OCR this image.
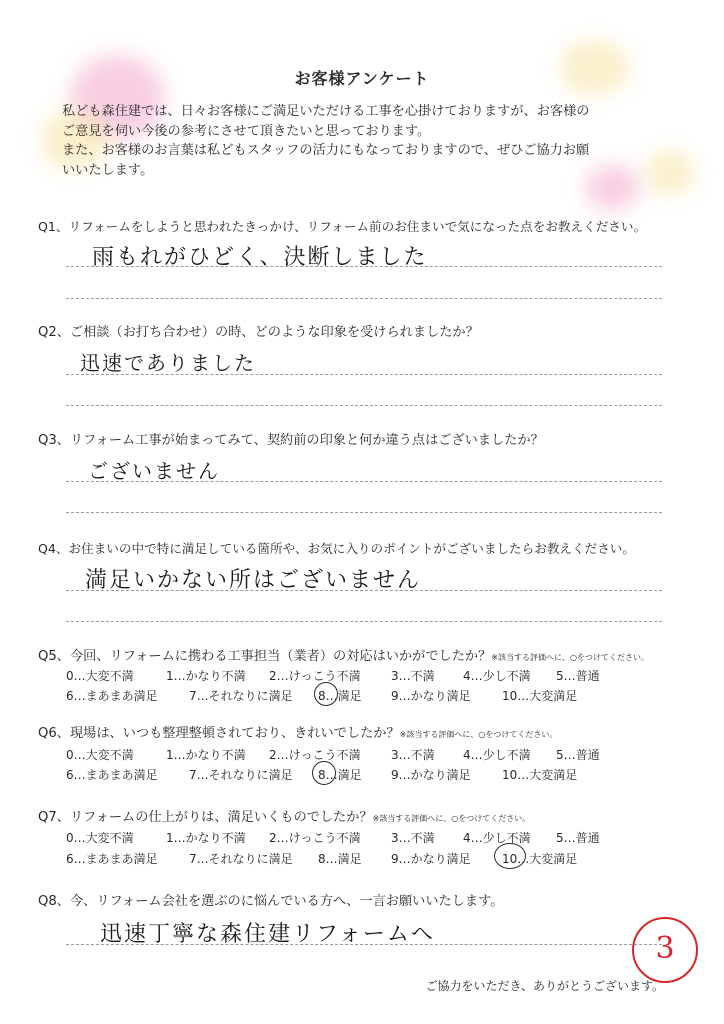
お客様アンケート
私ども森住建では、日々お客様にご満足いただける工事を心掛けておりますが、お客様の
ご意見を伺い今後の参考にさせて頂きたいと思っております。
また、お客様のお言葉は私どもスタッフの活力にもなっておりますので、ぜひご協力お願
いいたします。
Q1、リフォームをしようと思われたきっかけ、リフォーム前のお住まいで気になった点をお教えください。
雨もれがひどく、決断しました
Q2、ご相談（お打ち合わせ）の時、どのような印象を受けられましたか？
迅速でありました
Q3、リフォーム工事が始まってみて、契約前の印象と何か違う点はございましたか？
ございません
Q4、お住まいの中で特に満足している箇所や、お気に入りのポイントがございましたらお教えください。
満足いかない所はございません
Q5、今回、リフォームに携わる工事担当（業者）の対応はいかがでしたか？※該当する評価へに、○をつけてください。
0…大変不満	1…かなり不満 2…けっこう不満	3…不満 4…少し不満 5…普通
6…まあまあ満足	7…それなりに満足 8…満足 9…かなり満足	10…大変満足
Q6、現場は、いつも整理整頓されており、きれいでしたか？※該当する評価へに、○をつけてください。
0…大変不満	1…かなり不満 2…けっこう不満	3…不満 4…少し不満 5…普通
6…まあまあ満足	7…それなりに満足 8…満足 9…かなり満足	10…大変満足
Q7、リフォームの仕上がりは、満足いくものでしたか？※該当する評価へに、○をつけてください。
0…大変不満	1…かなり不満 2…けっこう不満	3…不満 4…少し不満 5…普通
6…まあまあ満足	7…それなりに満足 8…満足 9…かなり満足	10…大変満足
Q8、今、リフォーム会社を選ぶのに悩んでいる方へ、一言お願いいたします。
迅速丁寧な森住建リフォームへ
ご協力をいただき、ありがとうございます。
3
